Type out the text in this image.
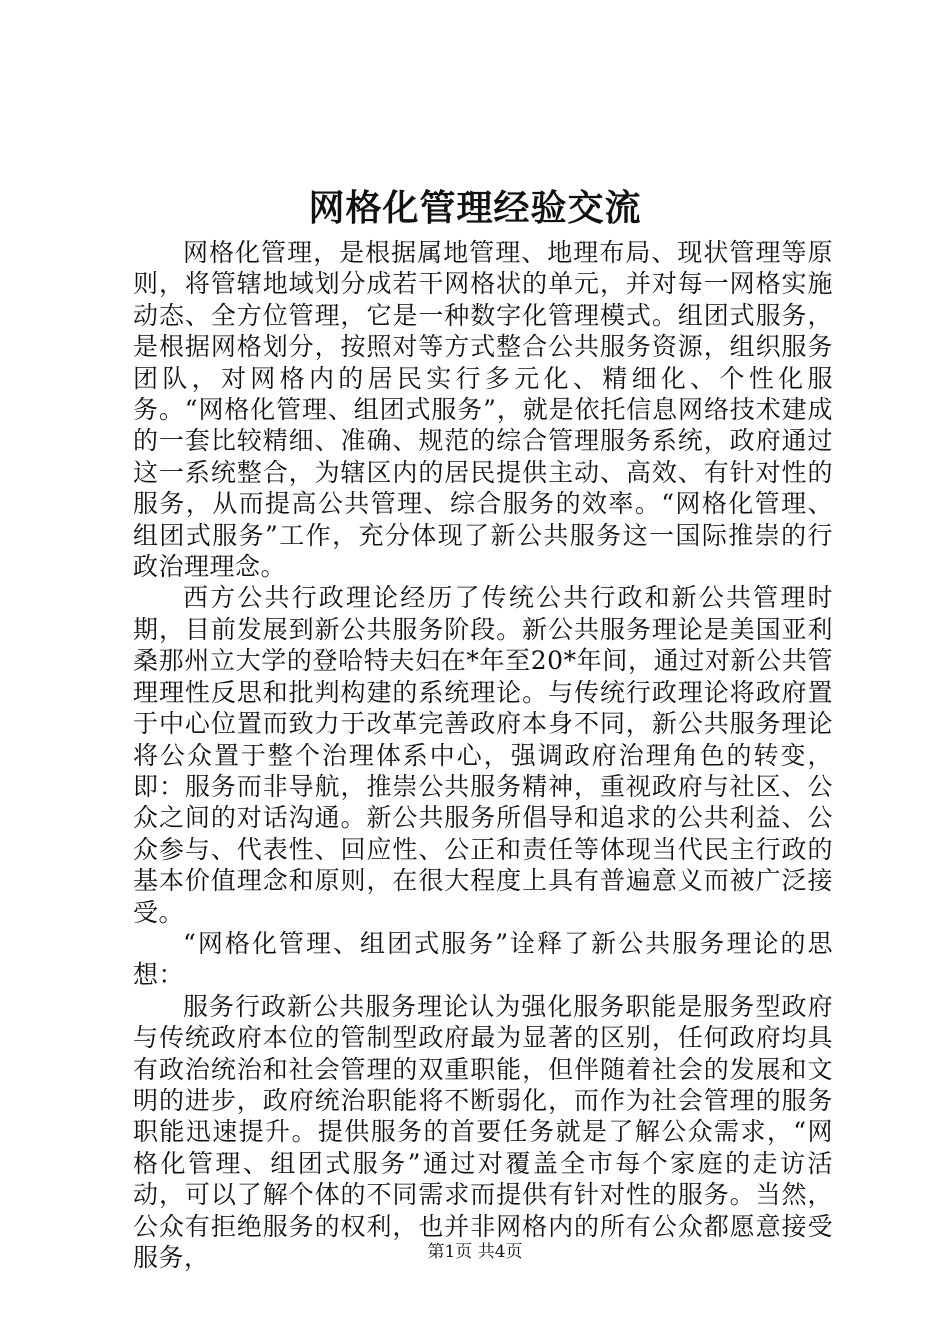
网格化管理经验交流

网格化管理，是根据属地管理、地理布局、现状管理等原则，将管辖地域划分成若干网格状的单元，并对每一网格实施动态、全方位管理，它是一种数字化管理模式。组团式服务，是根据网格划分，按照对等方式整合公共服务资源，组织服务团队，对网格内的居民实行多元化、精细化、个性化服务。“网格化管理、组团式服务”，就是依托信息网络技术建成的一套比较精细、准确、规范的综合管理服务系统，政府通过这一系统整合，为辖区内的居民提供主动、高效、有针对性的服务，从而提高公共管理、综合服务的效率。“网格化管理、组团式服务”工作，充分体现了新公共服务这一国际推崇的行政治理理念。

西方公共行政理论经历了传统公共行政和新公共管理时期，目前发展到新公共服务阶段。新公共服务理论是美国亚利桑那州立大学的登哈特夫妇在*年至20*年间，通过对新公共管理理性反思和批判构建的系统理论。与传统行政理论将政府置于中心位置而致力于改革完善政府本身不同，新公共服务理论将公众置于整个治理体系中心，强调政府治理角色的转变，即：服务而非导航，推崇公共服务精神，重视政府与社区、公众之间的对话沟通。新公共服务所倡导和追求的公共利益、公众参与、代表性、回应性、公正和责任等体现当代民主行政的基本价值理念和原则，在很大程度上具有普遍意义而被广泛接受。

“网格化管理、组团式服务”诠释了新公共服务理论的思想：

服务行政新公共服务理论认为强化服务职能是服务型政府与传统政府本位的管制型政府最为显著的区别，任何政府均具有政治统治和社会管理的双重职能，但伴随着社会的发展和文明的进步，政府统治职能将不断弱化，而作为社会管理的服务职能迅速提升。提供服务的首要任务就是了解公众需求，“网格化管理、组团式服务”通过对覆盖全市每个家庭的走访活动，可以了解个体的不同需求而提供有针对性的服务。当然，公众有拒绝服务的权利，也并非网格内的所有公众都愿意接受服务，	第1页 共4页
